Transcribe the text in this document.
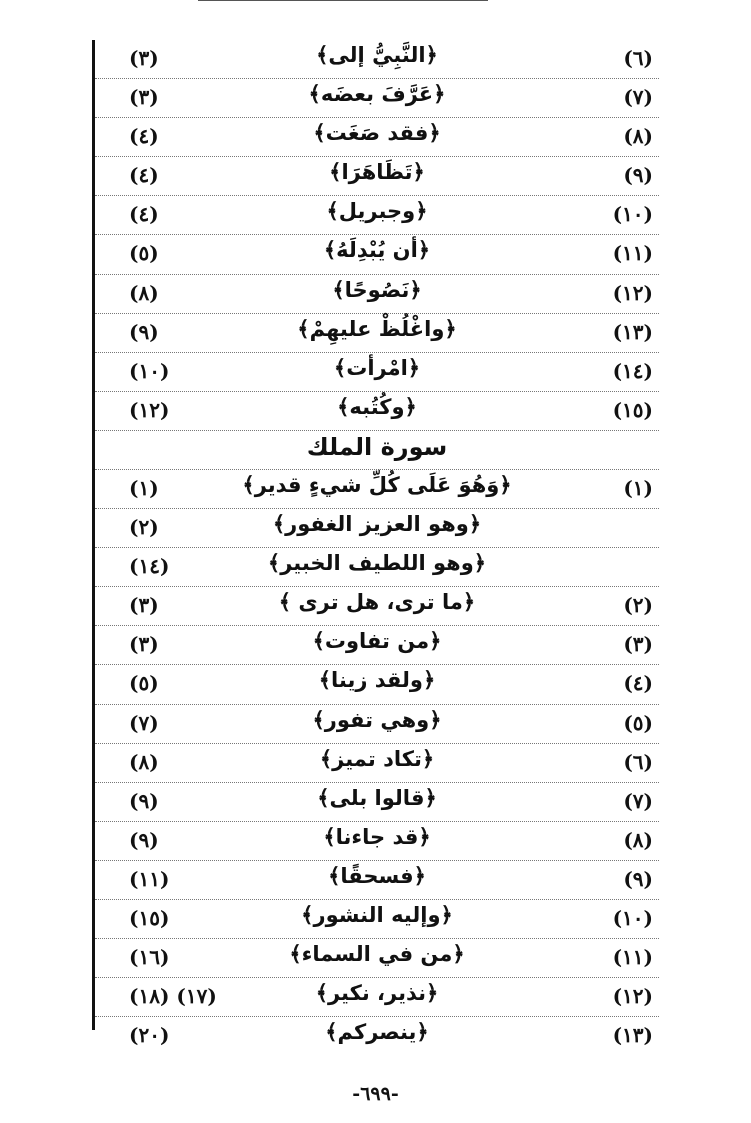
(٦)
﴿النَّبِيُّ إلى﴾
(٣)
(٧)
﴿عَرَّفَ بعضَه﴾
(٣)
(٨)
﴿فقد صَغَت﴾
(٤)
(٩)
﴿تَظَاهَرَا﴾
(٤)
(١٠)
﴿وجبريل﴾
(٤)
(١١)
﴿أن يُبْدِلَهُ﴾
(٥)
(١٢)
﴿نَصُوحًا﴾
(٨)
(١٣)
﴿واغْلُظْ عليهِمْ﴾
(٩)
(١٤)
﴿امْرأت﴾
(١٠)
(١٥)
﴿وكُتُبه﴾
(١٢)
سورة الملك
(١)
﴿وَهُوَ عَلَى كُلِّ شيءٍ قدير﴾
(١)
﴿وهو العزيز الغفور﴾
(٢)
﴿وهو اللطيف الخبير﴾
(١٤)
(٢)
﴿ما ترى، هل ترى ﴾
(٣)
(٣)
﴿من تفاوت﴾
(٣)
(٤)
﴿ولقد زينا﴾
(٥)
(٥)
﴿وهي تفور﴾
(٧)
(٦)
﴿تكاد تميز﴾
(٨)
(٧)
﴿قالوا بلى﴾
(٩)
(٨)
﴿قد جاءنا﴾
(٩)
(٩)
﴿فسحقًا﴾
(١١)
(١٠)
﴿وإليه النشور﴾
(١٥)
(١١)
﴿من في السماء﴾
(١٦)
(١٢)
﴿نذير، نكير﴾
(١٧) (١٨)
(١٣)
﴿ينصركم﴾
(٢٠)
-٦٩٩-
